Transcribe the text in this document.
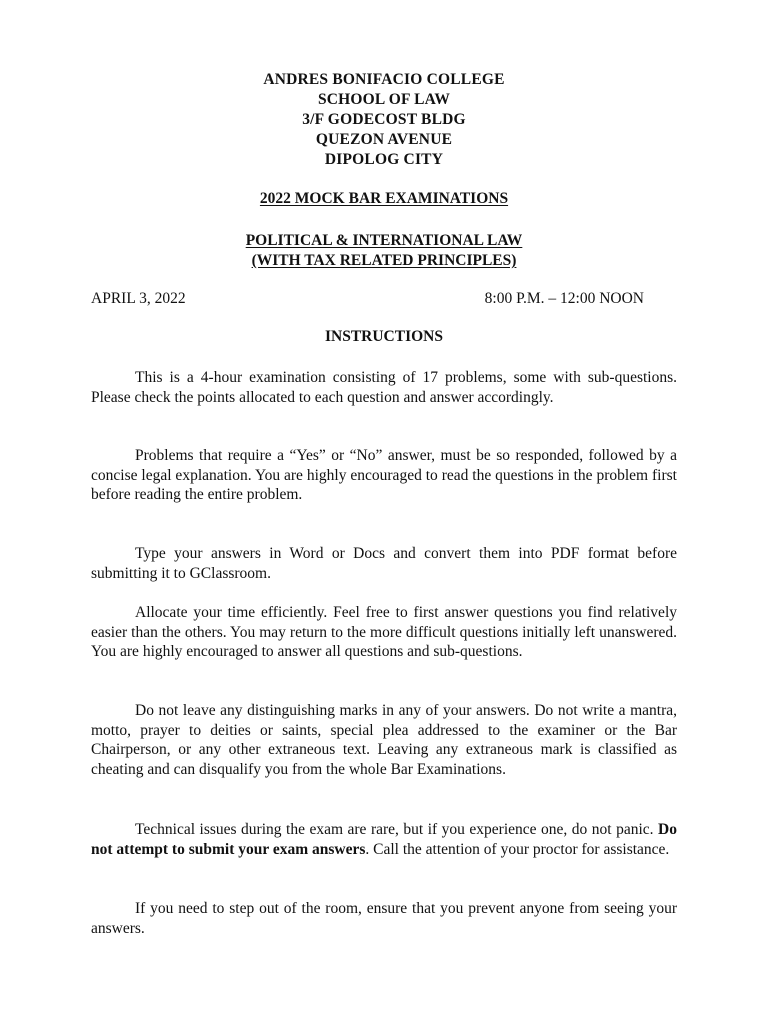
ANDRES BONIFACIO COLLEGE
SCHOOL OF LAW
3/F GODECOST BLDG
QUEZON AVENUE
DIPOLOG CITY
2022 MOCK BAR EXAMINATIONS
POLITICAL & INTERNATIONAL LAW
(WITH TAX RELATED PRINCIPLES)
APRIL 3, 2022	8:00 P.M. – 12:00 NOON
INSTRUCTIONS

This is a 4-hour examination consisting of 17 problems, some with sub-questions. Please check the points allocated to each question and answer accordingly.

Problems that require a “Yes” or “No” answer, must be so responded, followed by a concise legal explanation. You are highly encouraged to read the questions in the problem first before reading the entire problem.

Type your answers in Word or Docs and convert them into PDF format before submitting it to GClassroom.

Allocate your time efficiently. Feel free to first answer questions you find relatively easier than the others. You may return to the more difficult questions initially left unanswered. You are highly encouraged to answer all questions and sub-questions.

Do not leave any distinguishing marks in any of your answers. Do not write a mantra, motto, prayer to deities or saints, special plea addressed to the examiner or the Bar Chairperson, or any other extraneous text. Leaving any extraneous mark is classified as cheating and can disqualify you from the whole Bar Examinations.

Technical issues during the exam are rare, but if you experience one, do not panic. Do not attempt to submit your exam answers. Call the attention of your proctor for assistance.

If you need to step out of the room, ensure that you prevent anyone from seeing your answers.
